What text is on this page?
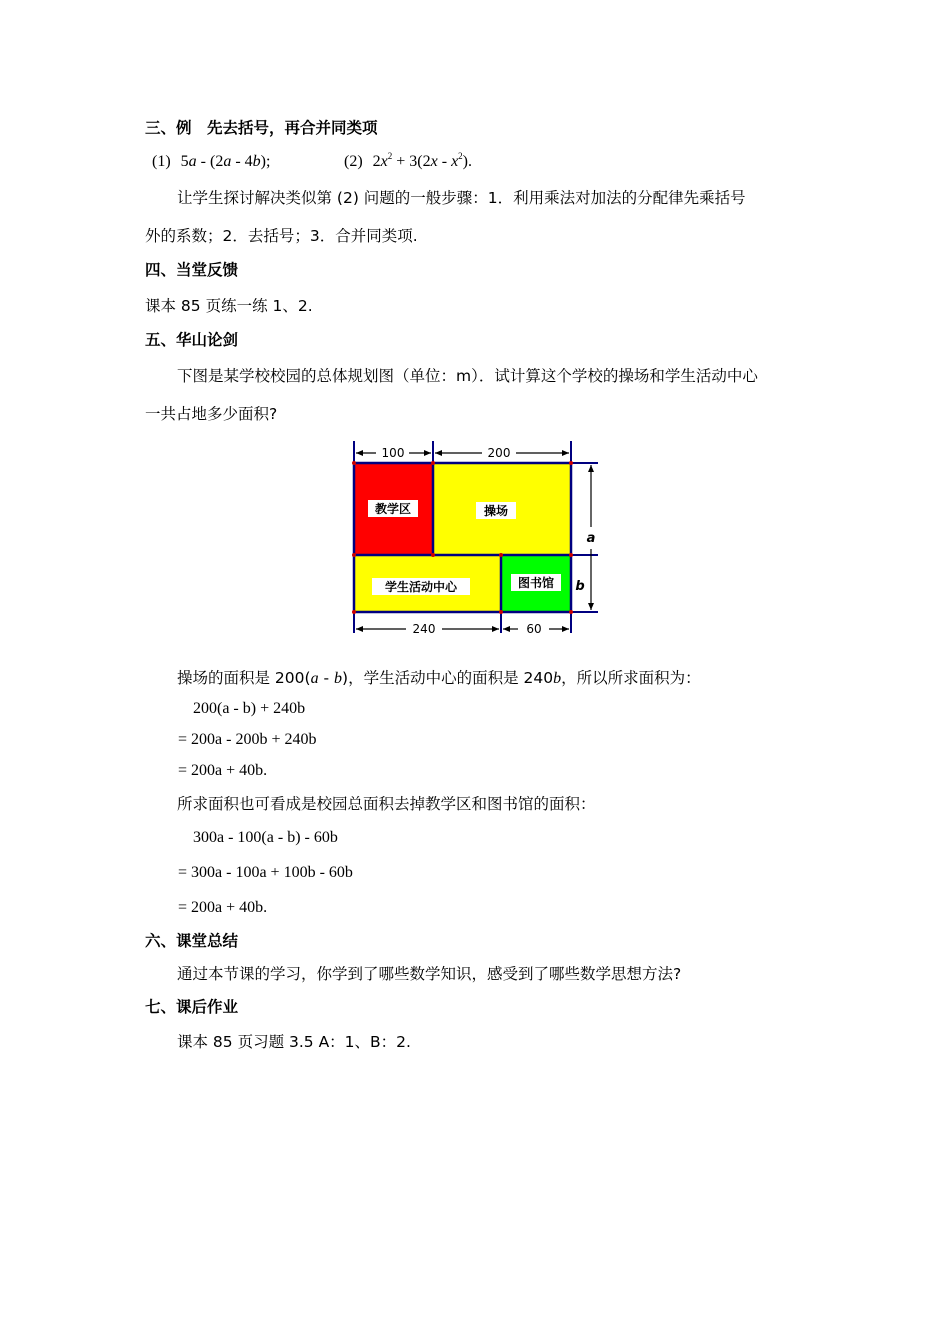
三、例　先去括号，再合并同类项
(1) 5a - (2a - 4b);	(2) $2x^2 + 3(2x - x^2)$.
让学生探讨解决类似第 (2) 问题的一般步骤：1．利用乘法对加法的分配律先乘括号
外的系数；2．去括号；3．合并同类项.
四、当堂反馈
课本 85 页练一练 1、2.
五、华山论剑
下图是某学校校园的总体规划图（单位：m）．试计算这个学校的操场和学生活动中心
一共占地多少面积?
100	200
240	60
a
b
教学区	操场
学生活动中心	图书馆
操场的面积是 200(a - b)，学生活动中心的面积是 240b，所以所求面积为：
200(a - b) + 240b
= 200a - 200b + 240b
= 200a + 40b.
所求面积也可看成是校园总面积去掉教学区和图书馆的面积：
300a - 100(a - b) - 60b
= 300a - 100a + 100b - 60b
= 200a + 40b.
六、课堂总结
通过本节课的学习，你学到了哪些数学知识，感受到了哪些数学思想方法?
七、课后作业
课本 85 页习题 3.5 A：1、B：2.
